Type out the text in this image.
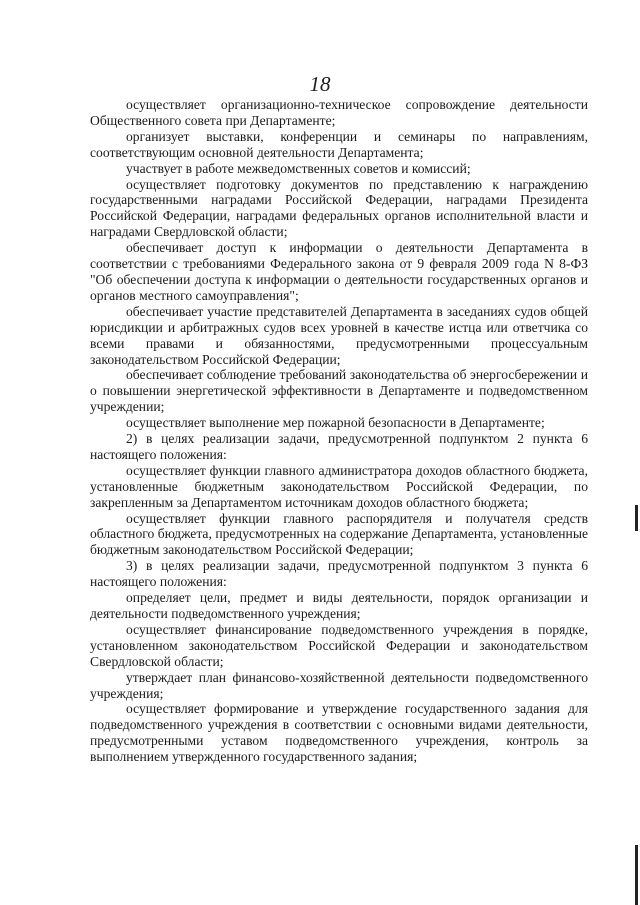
18

осуществляет организационно-техническое сопровождение деятельности Общественного совета при Департаменте;

организует выставки, конференции и семинары по направлениям, соответствующим основной деятельности Департамента;

участвует в работе межведомственных советов и комиссий;

осуществляет подготовку документов по представлению к награждению государственными наградами Российской Федерации, наградами Президента Российской Федерации, наградами федеральных органов исполнительной власти и наградами Свердловской области;

обеспечивает доступ к информации о деятельности Департамента в соответствии с требованиями Федерального закона от 9 февраля 2009 года N 8-ФЗ "Об обеспечении доступа к информации о деятельности государственных органов и органов местного самоуправления";

обеспечивает участие представителей Департамента в заседаниях судов общей юрисдикции и арбитражных судов всех уровней в качестве истца или ответчика со всеми правами и обязанностями, предусмотренными процессуальным законодательством Российской Федерации;

обеспечивает соблюдение требований законодательства об энергосбережении и о повышении энергетической эффективности в Департаменте и подведомственном учреждении;

осуществляет выполнение мер пожарной безопасности в Департаменте;

2) в целях реализации задачи, предусмотренной подпунктом 2 пункта 6 настоящего положения:

осуществляет функции главного администратора доходов областного бюджета, установленные бюджетным законодательством Российской Федерации, по закрепленным за Департаментом источникам доходов областного бюджета;

осуществляет функции главного распорядителя и получателя средств областного бюджета, предусмотренных на содержание Департамента, установленные бюджетным законодательством Российской Федерации;

3) в целях реализации задачи, предусмотренной подпунктом 3 пункта 6 настоящего положения:

определяет цели, предмет и виды деятельности, порядок организации и деятельности подведомственного учреждения;

осуществляет финансирование подведомственного учреждения в порядке, установленном законодательством Российской Федерации и законодательством Свердловской области;

утверждает план финансово-хозяйственной деятельности подведомственного учреждения;

осуществляет формирование и утверждение государственного задания для подведомственного учреждения в соответствии с основными видами деятельности, предусмотренными уставом подведомственного учреждения, контроль за выполнением утвержденного государственного задания;
